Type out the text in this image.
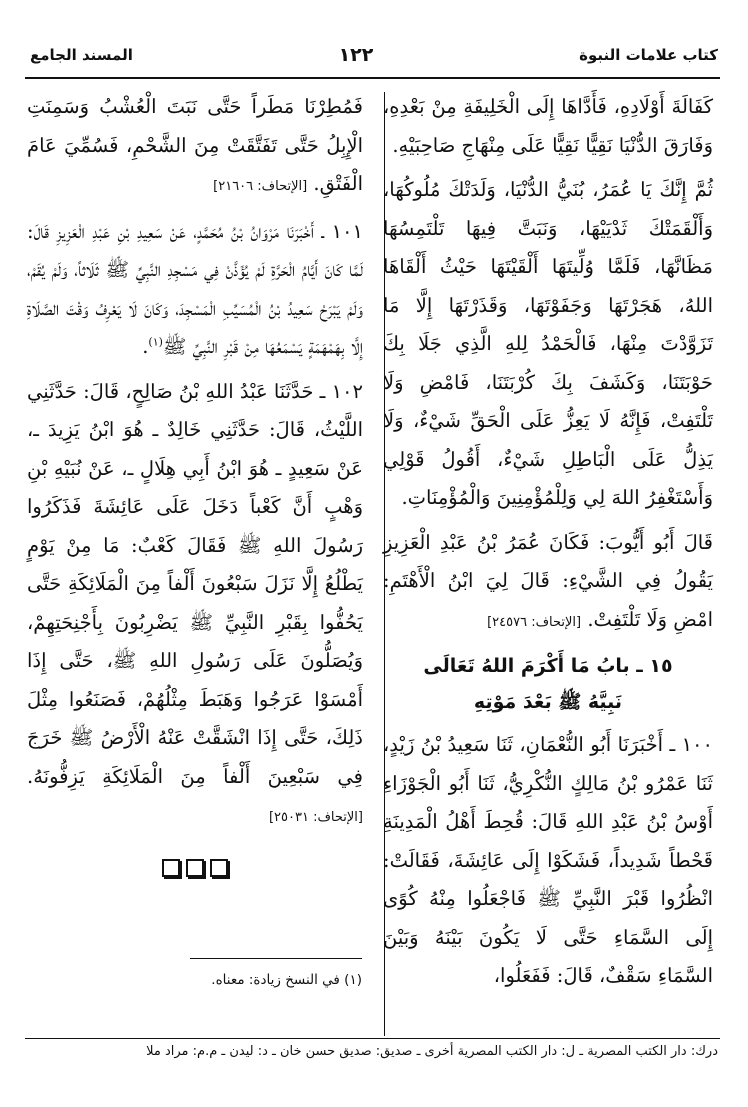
كتاب علامات النبوة
١٢٢
المسند الجامع

كَفَالَةَ أَوْلَادِهِ، فَأَدَّاهَا إِلَى الْخَلِيفَةِ مِنْ بَعْدِهِ، وَفَارَقَ الدُّنْيَا نَقِيًّا نَقِيًّا عَلَى مِنْهَاجِ صَاحِبَيْهِ.

ثُمَّ إِنَّكَ يَا عُمَرُ، بُنَيُّ الدُّنْيَا، وَلَدَتْكَ مُلُوكُهَا، وَأَلْقَمَتْكَ ثَدْيَيْهَا، وَنَبَتَّ فِيهَا تَلْتَمِسُهَا مَظَانَّهَا، فَلَمَّا وُلِّيتَهَا أَلْقَيْتَهَا حَيْثُ أَلْقَاهَا اللهُ، هَجَرْتَهَا وَجَفَوْتَهَا، وَقَذَرْتَهَا إِلَّا مَا تَزَوَّدْتَ مِنْهَا، فَالْحَمْدُ لِلهِ الَّذِي جَلَا بِكَ حَوْبَتَنَا، وَكَشَفَ بِكَ كُرْبَتَنَا، فَامْضِ وَلَا تَلْتَفِتْ، فَإِنَّهُ لَا يَعِزُّ عَلَى الْحَقِّ شَيْءٌ، وَلَا يَذِلُّ عَلَى الْبَاطِلِ شَيْءٌ، أَقُولُ قَوْلِي وَأَسْتَغْفِرُ اللهَ لِي وَلِلْمُؤْمِنِينَ وَالْمُؤْمِنَاتِ.

قَالَ أَبُو أَيُّوبَ: فَكَانَ عُمَرُ بْنُ عَبْدِ الْعَزِيزِ يَقُولُ فِي الشَّيْءِ: قَالَ لِيَ ابْنُ الْأَهْتَمِ: امْضِ وَلَا تَلْتَفِتْ. [الإتحاف: ٢٤٥٧٦]

١٥ ـ بابُ مَا أَكْرَمَ اللهُ تَعَالَى
نَبِيَّهُ ﷺ بَعْدَ مَوْتِهِ

١٠٠ ـ أَخْبَرَنَا أَبُو النُّعْمَانِ، ثَنَا سَعِيدُ بْنُ زَيْدٍ، ثَنَا عَمْرُو بْنُ مَالِكٍ النُّكْرِيُّ، ثَنَا أَبُو الْجَوْزَاءِ أَوْسُ بْنُ عَبْدِ اللهِ قَالَ: قُحِطَ أَهْلُ الْمَدِينَةِ قَحْطاً شَدِيداً، فَشَكَوْا إِلَى عَائِشَةَ، فَقَالَتْ: انْظُرُوا قَبْرَ النَّبِيِّ ﷺ فَاجْعَلُوا مِنْهُ كُوًى إِلَى السَّمَاءِ حَتَّى لَا يَكُونَ بَيْنَهُ وَبَيْنَ السَّمَاءِ سَقْفٌ، قَالَ: فَفَعَلُوا،

فَمُطِرْنَا مَطَراً حَتَّى نَبَتَ الْعُشْبُ وَسَمِنَتِ الْإِبِلُ حَتَّى تَفَتَّقَتْ مِنَ الشَّحْمِ، فَسُمِّيَ عَامَ الْفَتْقِ. [الإتحاف: ٢١٦٠٦]

١٠١ ـ أَخْبَرَنَا مَرْوَانُ بْنُ مُحَمَّدٍ، عَنْ سَعِيدِ بْنِ عَبْدِ الْعَزِيزِ قَالَ: لَمَّا كَانَ أَيَّامُ الْحَرَّةِ لَمْ يُؤَذَّنْ فِي مَسْجِدِ النَّبِيِّ ﷺ ثَلَاثاً، وَلَمْ يُقَمْ، وَلَمْ يَبْرَحْ سَعِيدُ بْنُ الْمُسَيِّبِ الْمَسْجِدَ، وَكَانَ لَا يَعْرِفُ وَقْتَ الصَّلَاةِ إِلَّا بِهَمْهَمَةٍ يَسْمَعُهَا مِنْ قَبْرِ النَّبِيِّ ﷺ$^{(١)}$.

١٠٢ ـ حَدَّثَنَا عَبْدُ اللهِ بْنُ صَالِحٍ، قَالَ: حَدَّثَنِي اللَّيْثُ، قَالَ: حَدَّثَنِي خَالِدٌ ـ هُوَ ابْنُ يَزِيدَ ـ، عَنْ سَعِيدٍ ـ هُوَ ابْنُ أَبِي هِلَالٍ ـ، عَنْ نُبَيْهِ بْنِ وَهْبٍ أَنَّ كَعْباً دَخَلَ عَلَى عَائِشَةَ فَذَكَرُوا رَسُولَ اللهِ ﷺ فَقَالَ كَعْبٌ: مَا مِنْ يَوْمٍ يَطْلُعُ إِلَّا نَزَلَ سَبْعُونَ أَلْفاً مِنَ الْمَلَائِكَةِ حَتَّى يَحُفُّوا بِقَبْرِ النَّبِيِّ ﷺ يَضْرِبُونَ بِأَجْنِحَتِهِمْ، وَيُصَلُّونَ عَلَى رَسُولِ اللهِ ﷺ، حَتَّى إِذَا أَمْسَوْا عَرَجُوا وَهَبَطَ مِثْلُهُمْ، فَصَنَعُوا مِثْلَ ذَلِكَ، حَتَّى إِذَا انْشَقَّتْ عَنْهُ الْأَرْضُ ﷺ خَرَجَ فِي سَبْعِينَ أَلْفاً مِنَ الْمَلَائِكَةِ يَزِفُّونَهُ. [الإتحاف: ٢٥٠٣١]

(١) في النسخ زيادة: معناه.
درك: دار الكتب المصرية ـ ل: دار الكتب المصرية أخرى ـ صديق: صديق حسن خان ـ د: ليدن ـ م.م: مراد ملا
